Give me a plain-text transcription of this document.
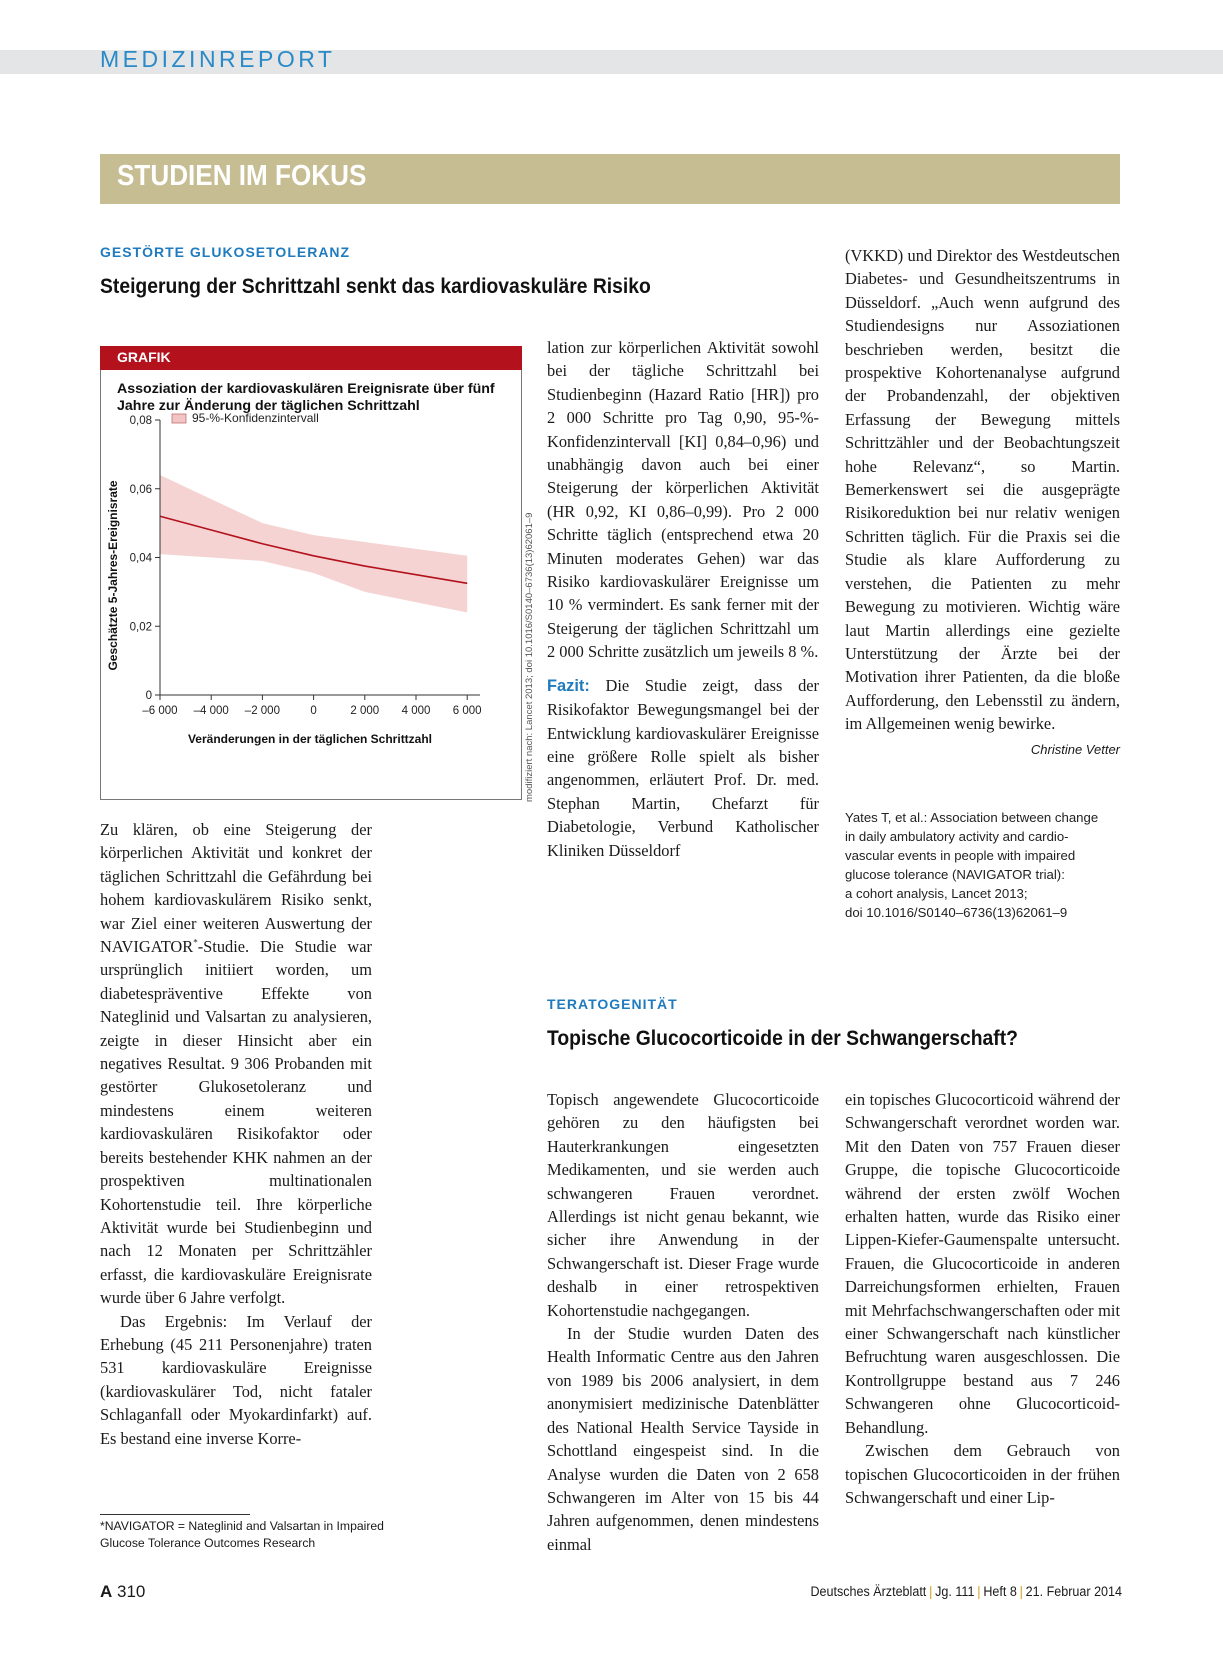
MEDIZINREPORT
STUDIEN IM FOKUS
GESTÖRTE GLUKOSETOLERANZ
Steigerung der Schrittzahl senkt das kardiovaskuläre Risiko
GRAFIK
Assoziation der kardiovaskulären Ereignisrate über fünf Jahre zur Änderung der täglichen Schrittzahl
0
0,02
0,04
0,06
0,08
–6 000 –4 000 –2 000	0	2 000 4 000 6 000
Veränderungen in der täglichen Schrittzahl
Geschätzte 5-Jahres-Ereignisrate
95-%-Konfidenzintervall
modifiziert nach: Lancet 2013; doi 10.1016/S0140–6736(13)62061–9

Zu klären, ob eine Steigerung der körperlichen Aktivität und konkret der täglichen Schrittzahl die Gefährdung bei hohem kardiovaskulärem Risiko senkt, war Ziel einer weiteren Auswertung der NAVIGATOR*-Studie. Die Studie war ursprünglich initiiert worden, um diabetespräventive Effekte von Nateglinid und Valsartan zu analysieren, zeigte in dieser Hinsicht aber ein negatives Resultat. 9 306 Probanden mit gestörter Glukosetoleranz und mindestens einem weiteren kardiovaskulären Risikofaktor oder bereits bestehender KHK nahmen an der prospektiven multinationalen Kohortenstudie teil. Ihre körperliche Aktivität wurde bei Studienbeginn und nach 12 Monaten per Schrittzähler erfasst, die kardiovaskuläre Ereignisrate wurde über 6 Jahre verfolgt.

Das Ergebnis: Im Verlauf der Erhebung (45 211 Personenjahre) traten 531 kardiovaskuläre Ereignisse (kardiovaskulärer Tod, nicht fataler Schlaganfall oder Myokardinfarkt) auf. Es bestand eine inverse Korre-

lation zur körperlichen Aktivität sowohl bei der tägliche Schrittzahl bei Studienbeginn (Hazard Ratio [HR]) pro 2 000 Schritte pro Tag 0,90, 95-%-Konfidenzintervall [KI] 0,84–0,96) und unabhängig davon auch bei einer Steigerung der körperlichen Aktivität (HR 0,92, KI 0,86–0,99). Pro 2 000 Schritte täglich (entsprechend etwa 20 Minuten moderates Gehen) war das Risiko kardiovaskulärer Ereignisse um 10 % vermindert. Es sank ferner mit der Steigerung der täglichen Schrittzahl um 2 000 Schritte zusätzlich um jeweils 8 %.

Fazit: Die Studie zeigt, dass der Risikofaktor Bewegungsmangel bei der Entwicklung kardiovaskulärer Ereignisse eine größere Rolle spielt als bisher angenommen, erläutert Prof. Dr. med. Stephan Martin, Chefarzt für Diabetologie, Verbund Katholischer Kliniken Düsseldorf

(VKKD) und Direktor des Westdeutschen Diabetes- und Gesundheitszentrums in Düsseldorf. „Auch wenn aufgrund des Studiendesigns nur Assoziationen beschrieben werden, besitzt die prospektive Kohortenanalyse aufgrund der Probandenzahl, der objektiven Erfassung der Bewegung mittels Schrittzähler und der Beobachtungszeit hohe Relevanz“, so Martin. Bemerkenswert sei die ausgeprägte Risikoreduktion bei nur relativ wenigen Schritten täglich. Für die Praxis sei die Studie als klare Aufforderung zu verstehen, die Patienten zu mehr Bewegung zu motivieren. Wichtig wäre laut Martin allerdings eine gezielte Unterstützung der Ärzte bei der Motivation ihrer Patienten, da die bloße Aufforderung, den Lebensstil zu ändern, im Allgemeinen wenig bewirke.
Christine Vetter

Yates T, et al.: Association between change
in daily ambulatory activity and cardio-
vascular events in people with impaired
glucose tolerance (NAVIGATOR trial):
a cohort analysis, Lancet 2013;
doi 10.1016/S0140–6736(13)62061–9
TERATOGENITÄT
Topische Glucocorticoide in der Schwangerschaft?

Topisch angewendete Glucocorticoide gehören zu den häufigsten bei Hauterkrankungen eingesetzten Medikamenten, und sie werden auch schwangeren Frauen verordnet. Allerdings ist nicht genau bekannt, wie sicher ihre Anwendung in der Schwangerschaft ist. Dieser Frage wurde deshalb in einer retrospektiven Kohortenstudie nachgegangen.

In der Studie wurden Daten des Health Informatic Centre aus den Jahren von 1989 bis 2006 analysiert, in dem anonymisiert medizinische Datenblätter des National Health Service Tayside in Schottland eingespeist sind. In die Analyse wurden die Daten von 2 658 Schwangeren im Alter von 15 bis 44 Jahren aufgenommen, denen mindestens einmal

ein topisches Glucocorticoid während der Schwangerschaft verordnet worden war. Mit den Daten von 757 Frauen dieser Gruppe, die topische Glucocorticoide während der ersten zwölf Wochen erhalten hatten, wurde das Risiko einer Lippen-Kiefer-Gaumenspalte untersucht. Frauen, die Glucocorticoide in anderen Darreichungsformen erhielten, Frauen mit Mehrfachschwangerschaften oder mit einer Schwangerschaft nach künstlicher Befruchtung waren ausgeschlossen. Die Kontrollgruppe bestand aus 7 246 Schwangeren ohne Glucocorticoid-Behandlung.

Zwischen dem Gebrauch von topischen Glucocorticoiden in der frühen Schwangerschaft und einer Lip-

*NAVIGATOR = Nateglinid and Valsartan in Impaired Glucose Tolerance Outcomes Research
A 310	Deutsches Ärzteblatt | Jg. 111 | Heft 8 | 21. Februar 2014
